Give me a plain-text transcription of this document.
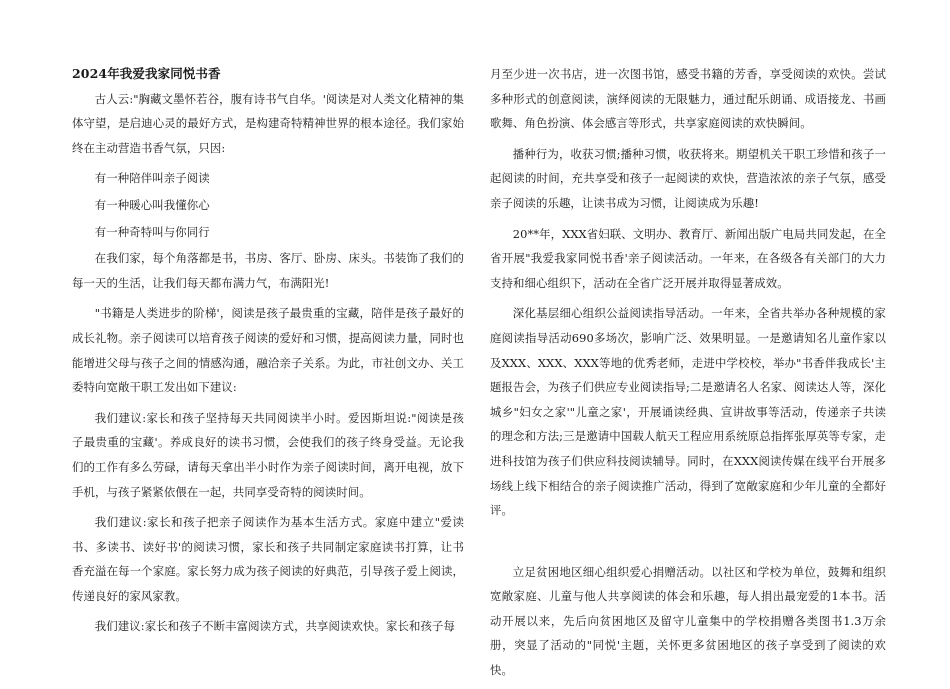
2024年我爱我家同悦书香

古人云:"胸藏文墨怀若谷，腹有诗书气自华。'阅读是对人类文化精神的集体守望，是启迪心灵的最好方式，是构建奇特精神世界的根本途径。我们家始终在主动营造书香气氛，只因:

有一种陪伴叫亲子阅读

有一种暖心叫我懂你心

有一种奇特叫与你同行

在我们家，每个角落都是书，书房、客厅、卧房、床头。书装饰了我们的每一天的生活，让我们每天都布满力气，布满阳光!

"书籍是人类进步的阶梯'，阅读是孩子最贵重的宝藏，陪伴是孩子最好的成长礼物。亲子阅读可以培育孩子阅读的爱好和习惯，提高阅读力量，同时也能增进父母与孩子之间的情感沟通，融洽亲子关系。为此，市社创文办、关工委特向宽敞干职工发出如下建议:

我们建议:家长和孩子坚持每天共同阅读半小时。爱因斯坦说:"阅读是孩子最贵重的宝藏'。养成良好的读书习惯，会使我们的孩子终身受益。无论我们的工作有多么劳碌，请每天拿出半小时作为亲子阅读时间，离开电视，放下手机，与孩子紧紧依偎在一起，共同享受奇特的阅读时间。

我们建议:家长和孩子把亲子阅读作为基本生活方式。家庭中建立"爱读书、多读书、读好书'的阅读习惯，家长和孩子共同制定家庭读书打算，让书香充溢在每一个家庭。家长努力成为孩子阅读的好典范，引导孩子爱上阅读，传递良好的家风家教。

我们建议:家长和孩子不断丰富阅读方式，共享阅读欢快。家长和孩子每

月至少进一次书店，进一次图书馆，感受书籍的芳香，享受阅读的欢快。尝试多种形式的创意阅读，演绎阅读的无限魅力，通过配乐朗诵、成语接龙、书画歌舞、角色扮演、体会感言等形式，共享家庭阅读的欢快瞬间。

播种行为，收获习惯;播种习惯，收获将来。期望机关干职工珍惜和孩子一起阅读的时间，充共享受和孩子一起阅读的欢快，营造浓浓的亲子气氛，感受亲子阅读的乐趣，让读书成为习惯，让阅读成为乐趣!

20**年，XXX省妇联、文明办、教育厅、新闻出版广电局共同发起，在全省开展"我爱我家同悦书香'亲子阅读活动。一年来，在各级各有关部门的大力支持和细心组织下，活动在全省广泛开展并取得显著成效。

深化基层细心组织公益阅读指导活动。一年来，全省共举办各种规模的家庭阅读指导活动690多场次，影响广泛、效果明显。一是邀请知名儿童作家以及XXX、XXX、XXX等地的优秀老师，走进中学校校，举办"书香伴我成长'主题报告会，为孩子们供应专业阅读指导;二是邀请名人名家、阅读达人等，深化城乡"妇女之家'"儿童之家'，开展诵读经典、宣讲故事等活动，传递亲子共读的理念和方法;三是邀请中国载人航天工程应用系统原总指挥张厚英等专家，走进科技馆为孩子们供应科技阅读辅导。同时，在XXX阅读传媒在线平台开展多场线上线下相结合的亲子阅读推广活动，得到了宽敞家庭和少年儿童的全都好评。

立足贫困地区细心组织爱心捐赠活动。以社区和学校为单位，鼓舞和组织宽敞家庭、儿童与他人共享阅读的体会和乐趣，每人捐出最宠爱的1本书。活动开展以来，先后向贫困地区及留守儿童集中的学校捐赠各类图书1.3万余册，突显了活动的"同悦'主题，关怀更多贫困地区的孩子享受到了阅读的欢快。
